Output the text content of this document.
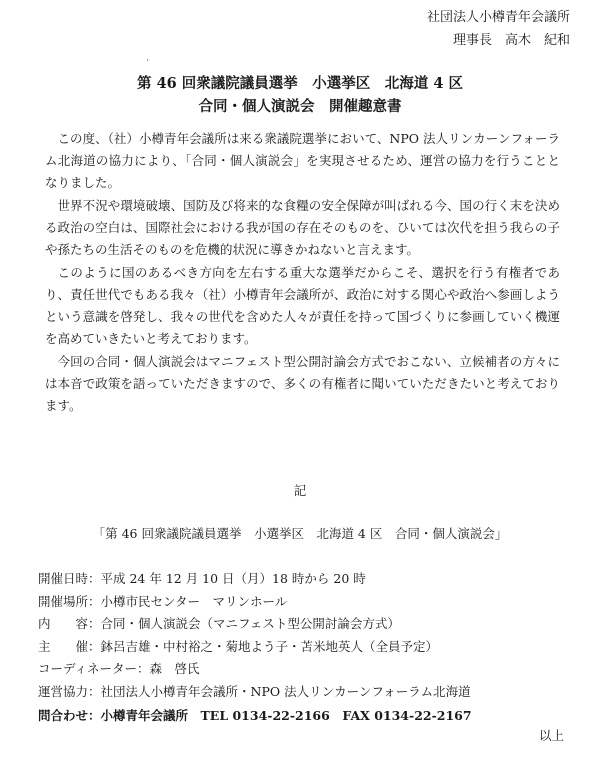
社団法人小樽青年会議所
理事長　高木　紀和
‘
第 46 回衆議院議員選挙　小選挙区　北海道 4 区
合同・個人演説会　開催趣意書

この度、（社）小樽青年会議所は来る衆議院選挙において、NPO 法人リンカーンフォーラム北海道の協力により、「合同・個人演説会」を実現させるため、運営の協力を行うこととなりました。

世界不況や環境破壊、国防及び将来的な食糧の安全保障が叫ばれる今、国の行く末を決める政治の空白は、国際社会における我が国の存在そのものを、ひいては次代を担う我らの子や孫たちの生活そのものを危機的状況に導きかねないと言えます。

このように国のあるべき方向を左右する重大な選挙だからこそ、選択を行う有権者であり、責任世代でもある我々（社）小樽青年会議所が、政治に対する関心や政治へ参画しようという意識を啓発し、我々の世代を含めた人々が責任を持って国づくりに参画していく機運を高めていきたいと考えております。

今回の合同・個人演説会はマニフェスト型公開討論会方式でおこない、立候補者の方々には本音で政策を語っていただきますので、多くの有権者に聞いていただきたいと考えております。

記
「第 46 回衆議院議員選挙　小選挙区　北海道 4 区　合同・個人演説会」
開催日時：平成 24 年 12 月 10 日（月）18 時から 20 時
開催場所：小樽市民センター　マリンホール
内　　容：合同・個人演説会（マニフェスト型公開討論会方式）
主　　催：鉢呂吉雄・中村裕之・菊地よう子・苫米地英人（全員予定）
コーディネーター：森　啓氏
運営協力：社団法人小樽青年会議所・NPO 法人リンカーンフォーラム北海道
問合わせ：小樽青年会議所　TEL 0134-22-2166　FAX 0134-22-2167
以上
